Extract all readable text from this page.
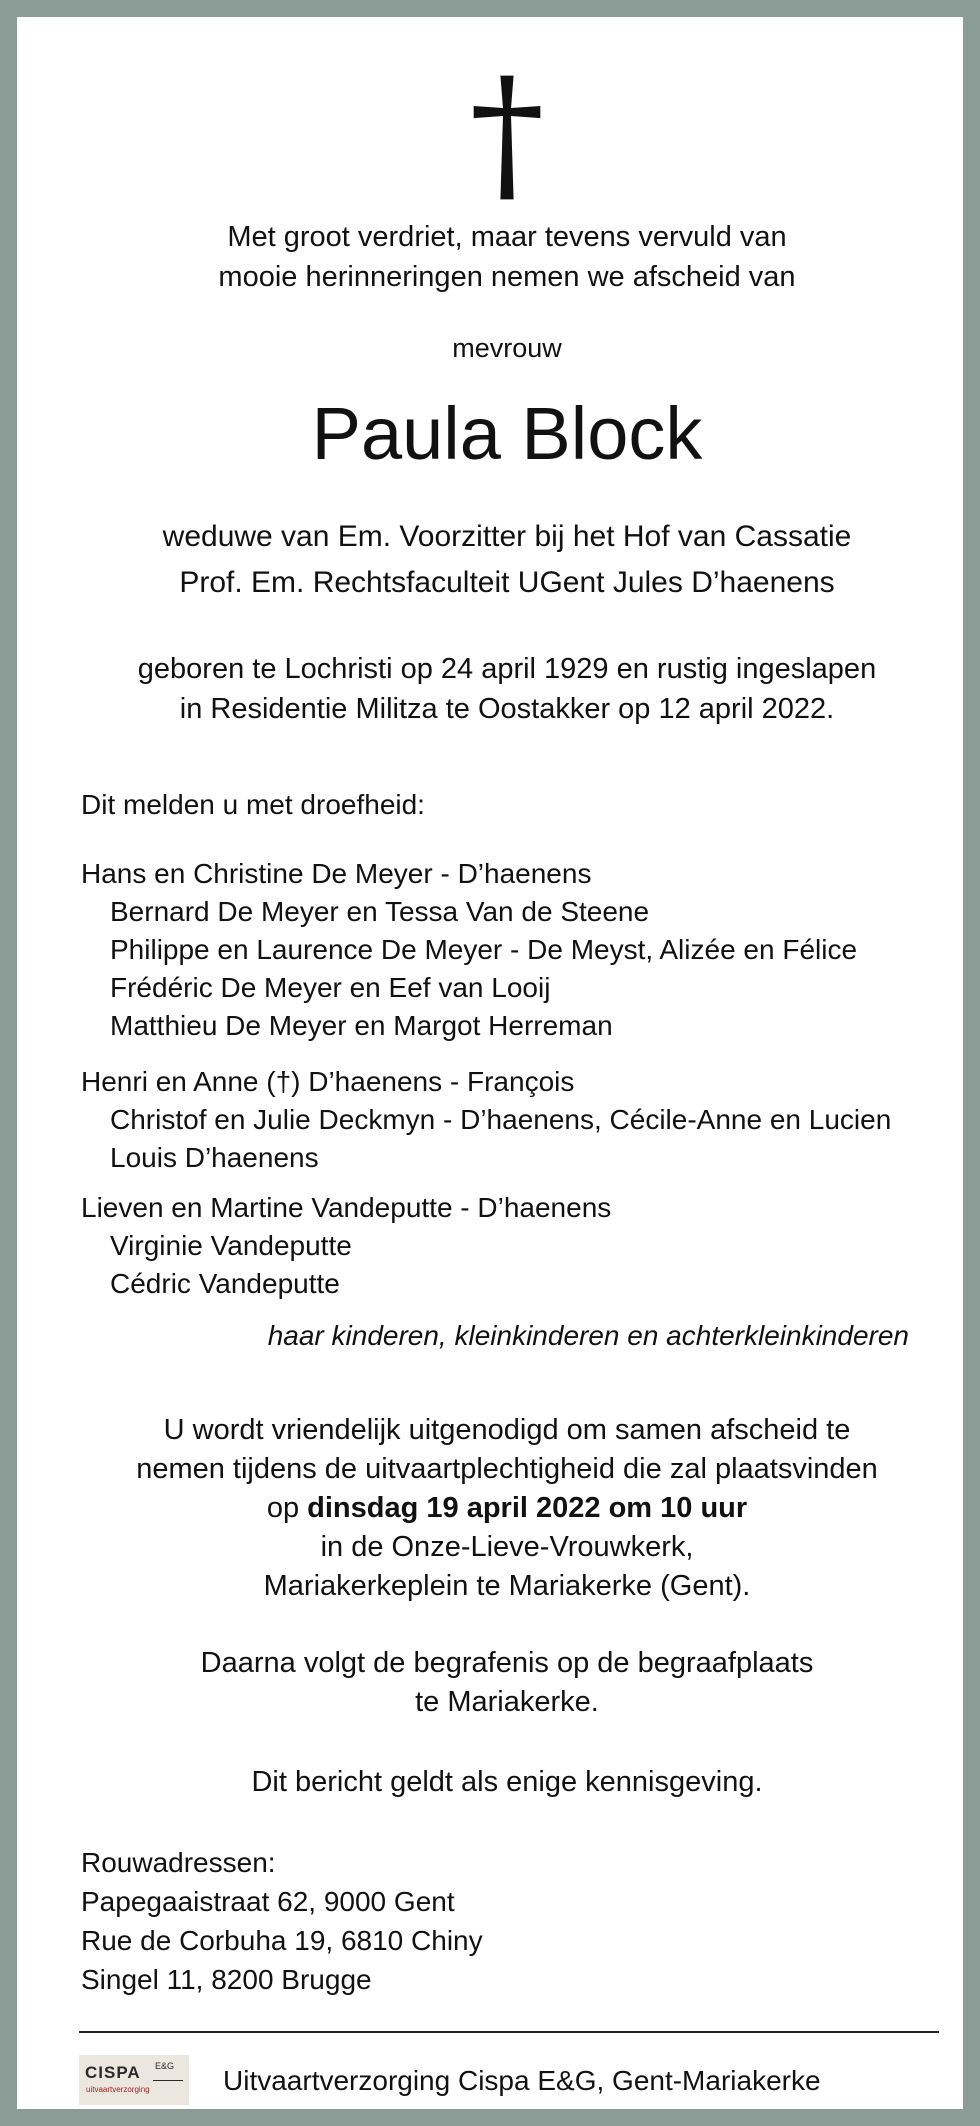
†
Met groot verdriet, maar tevens vervuld van
mooie herinneringen nemen we afscheid van
mevrouw
Paula Block
weduwe van Em. Voorzitter bij het Hof van Cassatie
Prof. Em. Rechtsfaculteit UGent Jules D’haenens
geboren te Lochristi op 24 april 1929 en rustig ingeslapen
in Residentie Militza te Oostakker op 12 april 2022.
Dit melden u met droefheid:
Hans en Christine De Meyer - D’haenens
Bernard De Meyer en Tessa Van de Steene
Philippe en Laurence De Meyer - De Meyst, Alizée en Félice
Frédéric De Meyer en Eef van Looij
Matthieu De Meyer en Margot Herreman
Henri en Anne (†) D’haenens - François
Christof en Julie Deckmyn - D’haenens, Cécile-Anne en Lucien
Louis D’haenens
Lieven en Martine Vandeputte - D’haenens
Virginie Vandeputte
Cédric Vandeputte
haar kinderen, kleinkinderen en achterkleinkinderen
U wordt vriendelijk uitgenodigd om samen afscheid te
nemen tijdens de uitvaartplechtigheid die zal plaatsvinden
op dinsdag 19 april 2022 om 10 uur
in de Onze-Lieve-Vrouwkerk,
Mariakerkeplein te Mariakerke (Gent).
Daarna volgt de begrafenis op de begraafplaats
te Mariakerke.
Dit bericht geldt als enige kennisgeving.
Rouwadressen:
Papegaaistraat 62, 9000 Gent
Rue de Corbuha 19, 6810 Chiny
Singel 11, 8200 Brugge
CISPA E&G
uitvaartverzorging	Uitvaartverzorging Cispa E&G, Gent-Mariakerke
